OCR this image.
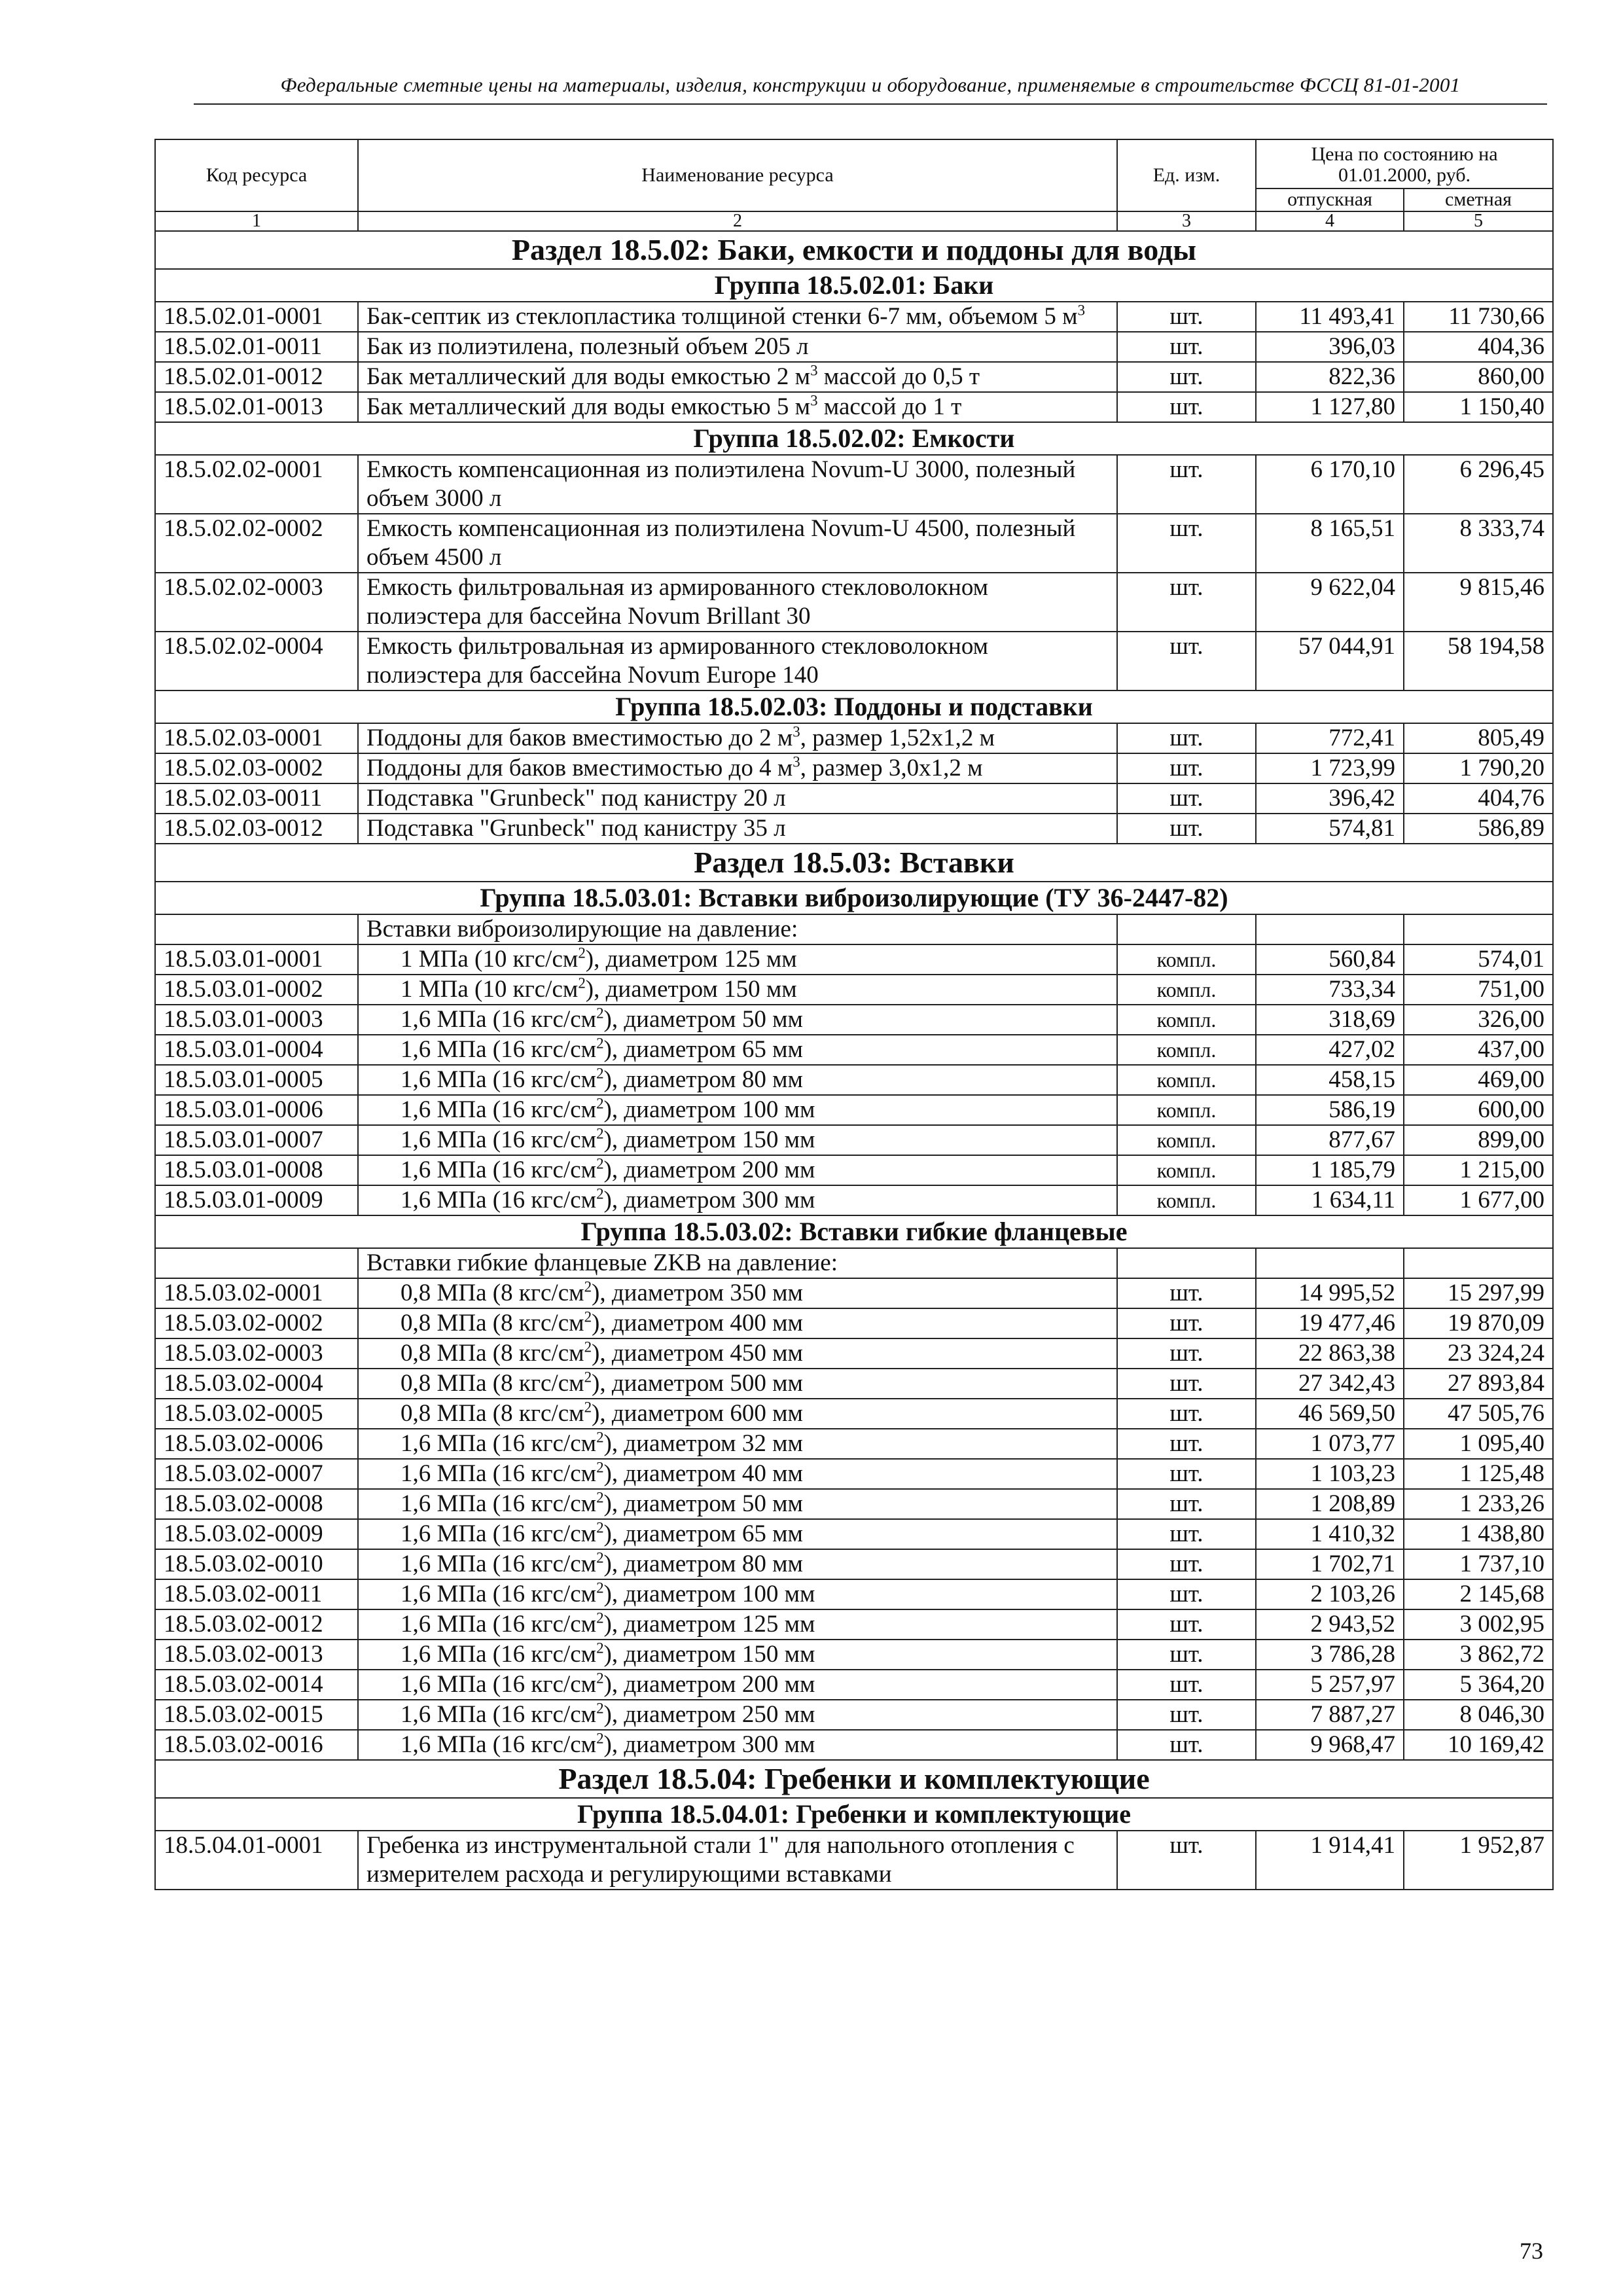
Федеральные сметные цены на материалы, изделия, конструкции и оборудование, применяемые в строительстве ФССЦ 81-01-2001
Код ресурса	Наименование ресурса	Ед. изм.	Цена по состоянию на 01.01.2000, руб.	
			отпускная	сметная
1	2	3	4	5
Раздел 18.5.02: Баки, емкости и поддоны для воды				
Группа 18.5.02.01: Баки				
18.5.02.01-0001	Бак-септик из стеклопластика толщиной стенки 6-7 мм, объемом 5 $м^3$	шт.	11 493,41	11 730,66
18.5.02.01-0011	Бак из полиэтилена, полезный объем 205 л	шт.	396,03	404,36
18.5.02.01-0012	Бак металлический для воды емкостью 2 $м^3$ массой до 0,5 т	шт.	822,36	860,00
18.5.02.01-0013	Бак металлический для воды емкостью 5 $м^3$ массой до 1 т	шт.	1 127,80	1 150,40
Группа 18.5.02.02: Емкости				
18.5.02.02-0001	Емкость компенсационная из полиэтилена Novum-U 3000, полезный объем 3000 л	шт.	6 170,10	6 296,45
18.5.02.02-0002	Емкость компенсационная из полиэтилена Novum-U 4500, полезный объем 4500 л	шт.	8 165,51	8 333,74
18.5.02.02-0003	Емкость фильтровальная из армированного стекловолокном полиэстера для бассейна Novum Brillant 30	шт.	9 622,04	9 815,46
18.5.02.02-0004	Емкость фильтровальная из армированного стекловолокном полиэстера для бассейна Novum Europe 140	шт.	57 044,91	58 194,58
Группа 18.5.02.03: Поддоны и подставки				
18.5.02.03-0001	Поддоны для баков вместимостью до 2 $м^3$, размер 1,52х1,2 м	шт.	772,41	805,49
18.5.02.03-0002	Поддоны для баков вместимостью до 4 $м^3$, размер 3,0х1,2 м	шт.	1 723,99	1 790,20
18.5.02.03-0011	Подставка "Grunbeck" под канистру 20 л	шт.	396,42	404,76
18.5.02.03-0012	Подставка "Grunbeck" под канистру 35 л	шт.	574,81	586,89
Раздел 18.5.03: Вставки				
Группа 18.5.03.01: Вставки виброизолирующие (ТУ 36-2447-82)				
	Вставки виброизолирующие на давление:			
18.5.03.01-0001	1 МПа (10 кгс/$см^2$), диаметром 125 мм	компл.	560,84	574,01
18.5.03.01-0002	1 МПа (10 кгс/$см^2$), диаметром 150 мм	компл.	733,34	751,00
18.5.03.01-0003	1,6 МПа (16 кгс/$см^2$), диаметром 50 мм	компл.	318,69	326,00
18.5.03.01-0004	1,6 МПа (16 кгс/$см^2$), диаметром 65 мм	компл.	427,02	437,00
18.5.03.01-0005	1,6 МПа (16 кгс/$см^2$), диаметром 80 мм	компл.	458,15	469,00
18.5.03.01-0006	1,6 МПа (16 кгс/$см^2$), диаметром 100 мм	компл.	586,19	600,00
18.5.03.01-0007	1,6 МПа (16 кгс/$см^2$), диаметром 150 мм	компл.	877,67	899,00
18.5.03.01-0008	1,6 МПа (16 кгс/$см^2$), диаметром 200 мм	компл.	1 185,79	1 215,00
18.5.03.01-0009	1,6 МПа (16 кгс/$см^2$), диаметром 300 мм	компл.	1 634,11	1 677,00
Группа 18.5.03.02: Вставки гибкие фланцевые				
	Вставки гибкие фланцевые ZKB на давление:			
18.5.03.02-0001	0,8 МПа (8 кгс/$см^2$), диаметром 350 мм	шт.	14 995,52	15 297,99
18.5.03.02-0002	0,8 МПа (8 кгс/$см^2$), диаметром 400 мм	шт.	19 477,46	19 870,09
18.5.03.02-0003	0,8 МПа (8 кгс/$см^2$), диаметром 450 мм	шт.	22 863,38	23 324,24
18.5.03.02-0004	0,8 МПа (8 кгс/$см^2$), диаметром 500 мм	шт.	27 342,43	27 893,84
18.5.03.02-0005	0,8 МПа (8 кгс/$см^2$), диаметром 600 мм	шт.	46 569,50	47 505,76
18.5.03.02-0006	1,6 МПа (16 кгс/$см^2$), диаметром 32 мм	шт.	1 073,77	1 095,40
18.5.03.02-0007	1,6 МПа (16 кгс/$см^2$), диаметром 40 мм	шт.	1 103,23	1 125,48
18.5.03.02-0008	1,6 МПа (16 кгс/$см^2$), диаметром 50 мм	шт.	1 208,89	1 233,26
18.5.03.02-0009	1,6 МПа (16 кгс/$см^2$), диаметром 65 мм	шт.	1 410,32	1 438,80
18.5.03.02-0010	1,6 МПа (16 кгс/$см^2$), диаметром 80 мм	шт.	1 702,71	1 737,10
18.5.03.02-0011	1,6 МПа (16 кгс/$см^2$), диаметром 100 мм	шт.	2 103,26	2 145,68
18.5.03.02-0012	1,6 МПа (16 кгс/$см^2$), диаметром 125 мм	шт.	2 943,52	3 002,95
18.5.03.02-0013	1,6 МПа (16 кгс/$см^2$), диаметром 150 мм	шт.	3 786,28	3 862,72
18.5.03.02-0014	1,6 МПа (16 кгс/$см^2$), диаметром 200 мм	шт.	5 257,97	5 364,20
18.5.03.02-0015	1,6 МПа (16 кгс/$см^2$), диаметром 250 мм	шт.	7 887,27	8 046,30
18.5.03.02-0016	1,6 МПа (16 кгс/$см^2$), диаметром 300 мм	шт.	9 968,47	10 169,42
Раздел 18.5.04: Гребенки и комплектующие				
Группа 18.5.04.01: Гребенки и комплектующие				
18.5.04.01-0001	Гребенка из инструментальной стали 1" для напольного отопления с измерителем расхода и регулирующими вставками	шт.	1 914,41	1 952,87
73
